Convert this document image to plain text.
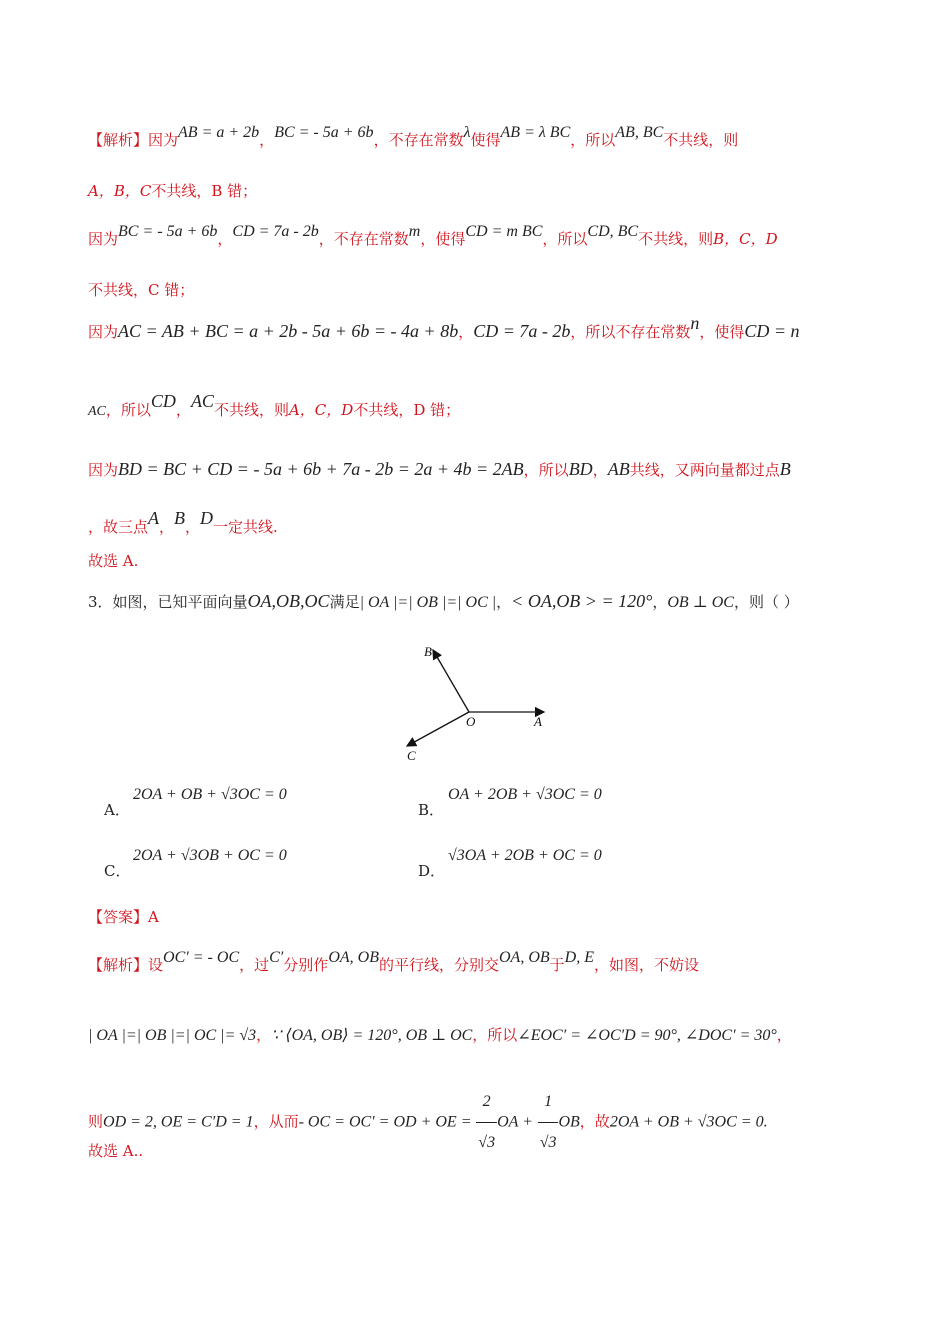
【解析】因为AB = a + 2b，BC = - 5a + 6b，不存在常数λ使得AB = λ BC，所以AB, BC不共线，则
A，B，C不共线，B 错；
因为BC = - 5a + 6b，CD = 7a - 2b，不存在常数m，使得CD = m BC，所以CD, BC不共线，则B，C，D
不共线，C 错；
因为AC = AB + BC = a + 2b - 5a + 6b = - 4a + 8b，CD = 7a - 2b，所以不存在常数n，使得CD = n
AC，所以CD，AC不共线，则A，C，D不共线，D 错；
因为BD = BC + CD = - 5a + 6b + 7a - 2b = 2a + 4b = 2AB，所以BD，AB共线，又两向量都过点B
，故三点A，B，D一定共线.
故选 A.
3．如图，已知平面向量OA,OB,OC满足| OA |=| OB |=| OC |，< OA,OB > = 120°，OB ⊥ OC，则（ ）
B
O	A
C
A．
2OA + OB + √3OC = 0
B．
OA + 2OB + √3OC = 0
C．
2OA + √3OB + OC = 0
D．
√3OA + 2OB + OC = 0
【答案】A
【解析】设OC′ = - OC，过C′分别作OA, OB的平行线，分别交OA, OB于D, E，如图，不妨设
| OA |=| OB |=| OC |= √3，∵ ⟨OA, OB⟩ = 120°, OB ⊥ OC，所以∠EOC′ = ∠OC′D = 90°, ∠DOC′ = 30°，
则OD = 2, OE = C′D = 1，从而- OC = OC′ = OD + OE = $\frac{2}{√3}$ OA + $\frac{1}{√3}$ OB，故2OA + OB + √3OC = 0.
故选 A..
